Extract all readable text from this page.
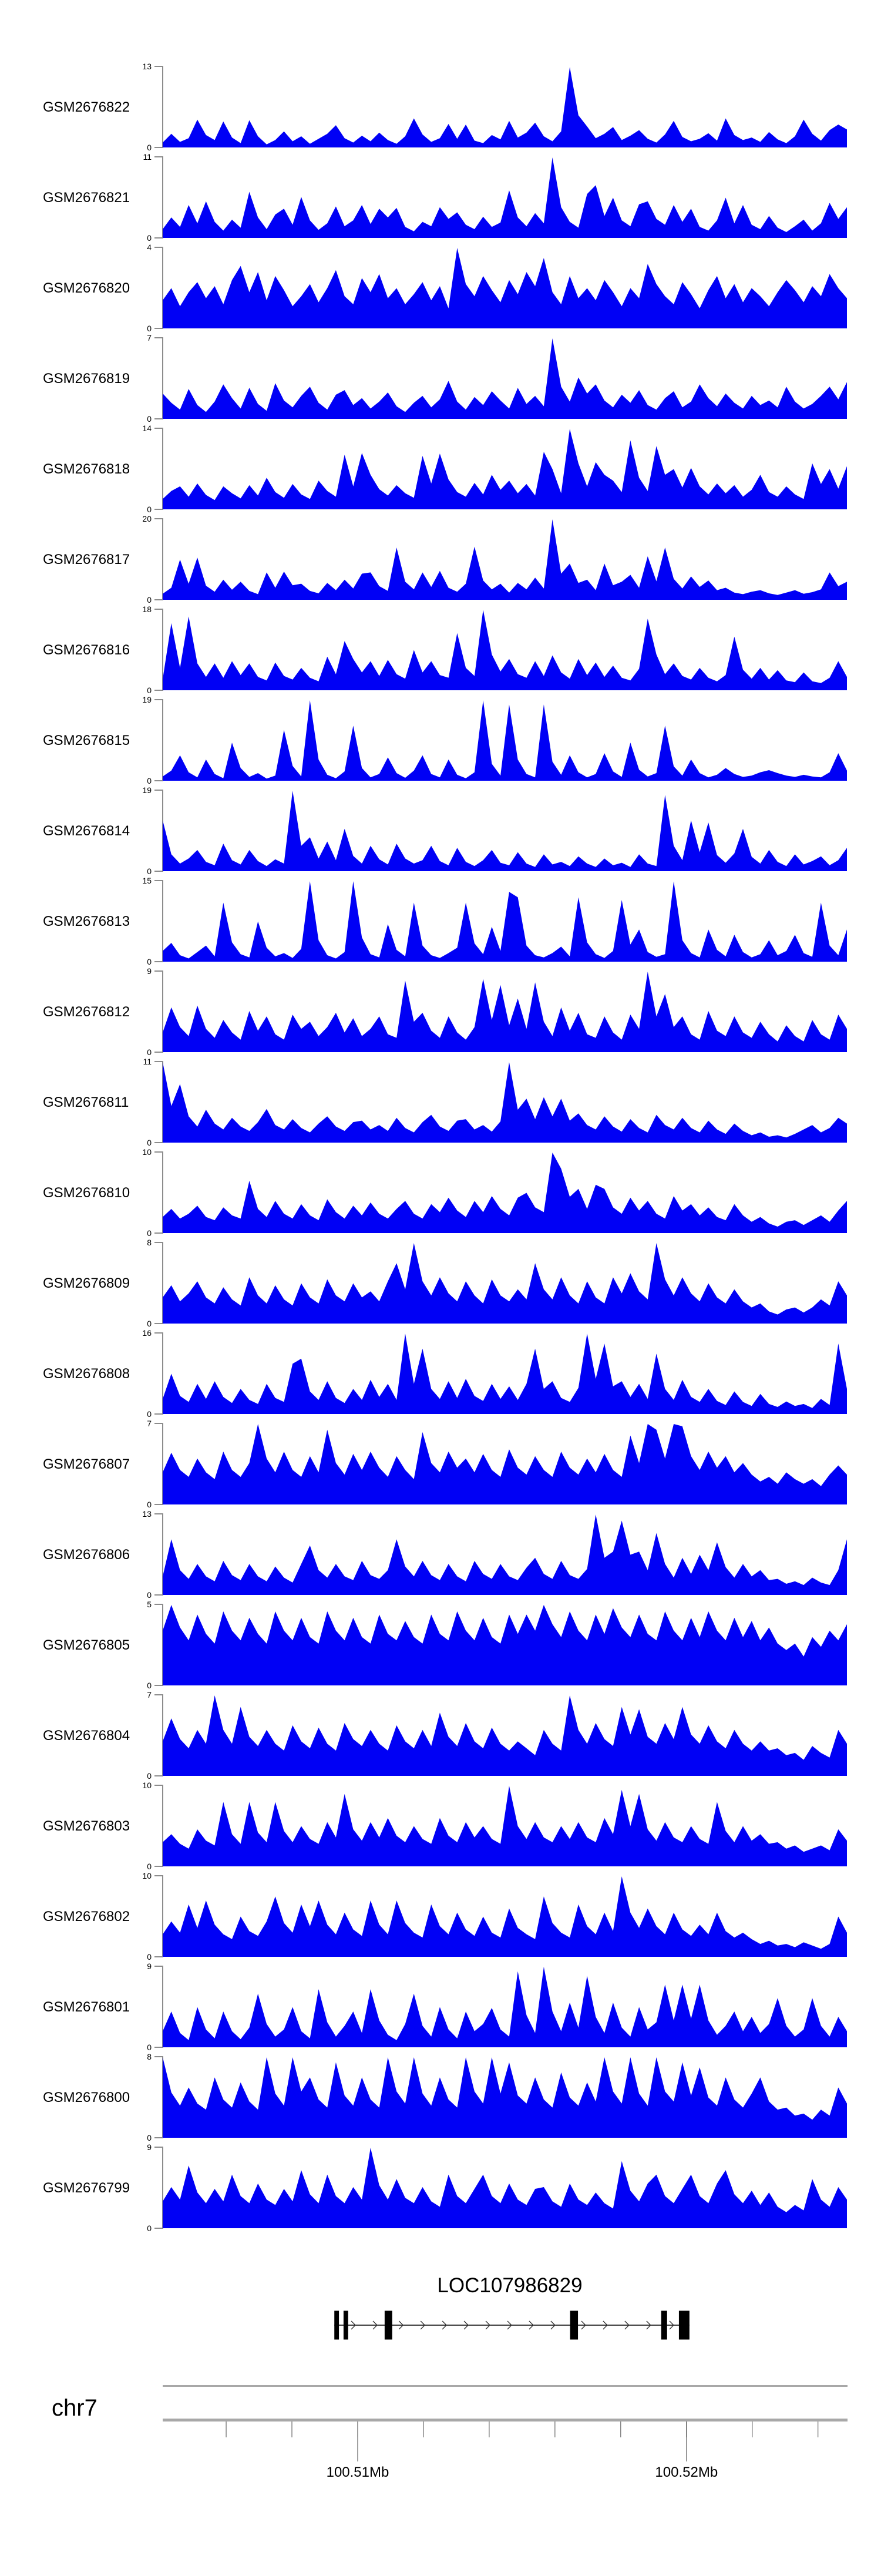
GSM2676822
13
0
GSM2676821
11
0
GSM2676820
4
0
GSM2676819
7
0
GSM2676818
14
0
GSM2676817
20
0
GSM2676816
18
0
GSM2676815
19
0
GSM2676814
19
0
GSM2676813
15
0
GSM2676812
9
0
GSM2676811
11
0
GSM2676810
10
0
GSM2676809
8
0
GSM2676808
16
0
GSM2676807
7
0
GSM2676806
13
0
GSM2676805
5
0
GSM2676804
7
0
GSM2676803
10
0
GSM2676802
10
0
GSM2676801
9
0
GSM2676800
8
0
GSM2676799
9
0
LOC107986829
chr7
100.51Mb	100.52Mb
